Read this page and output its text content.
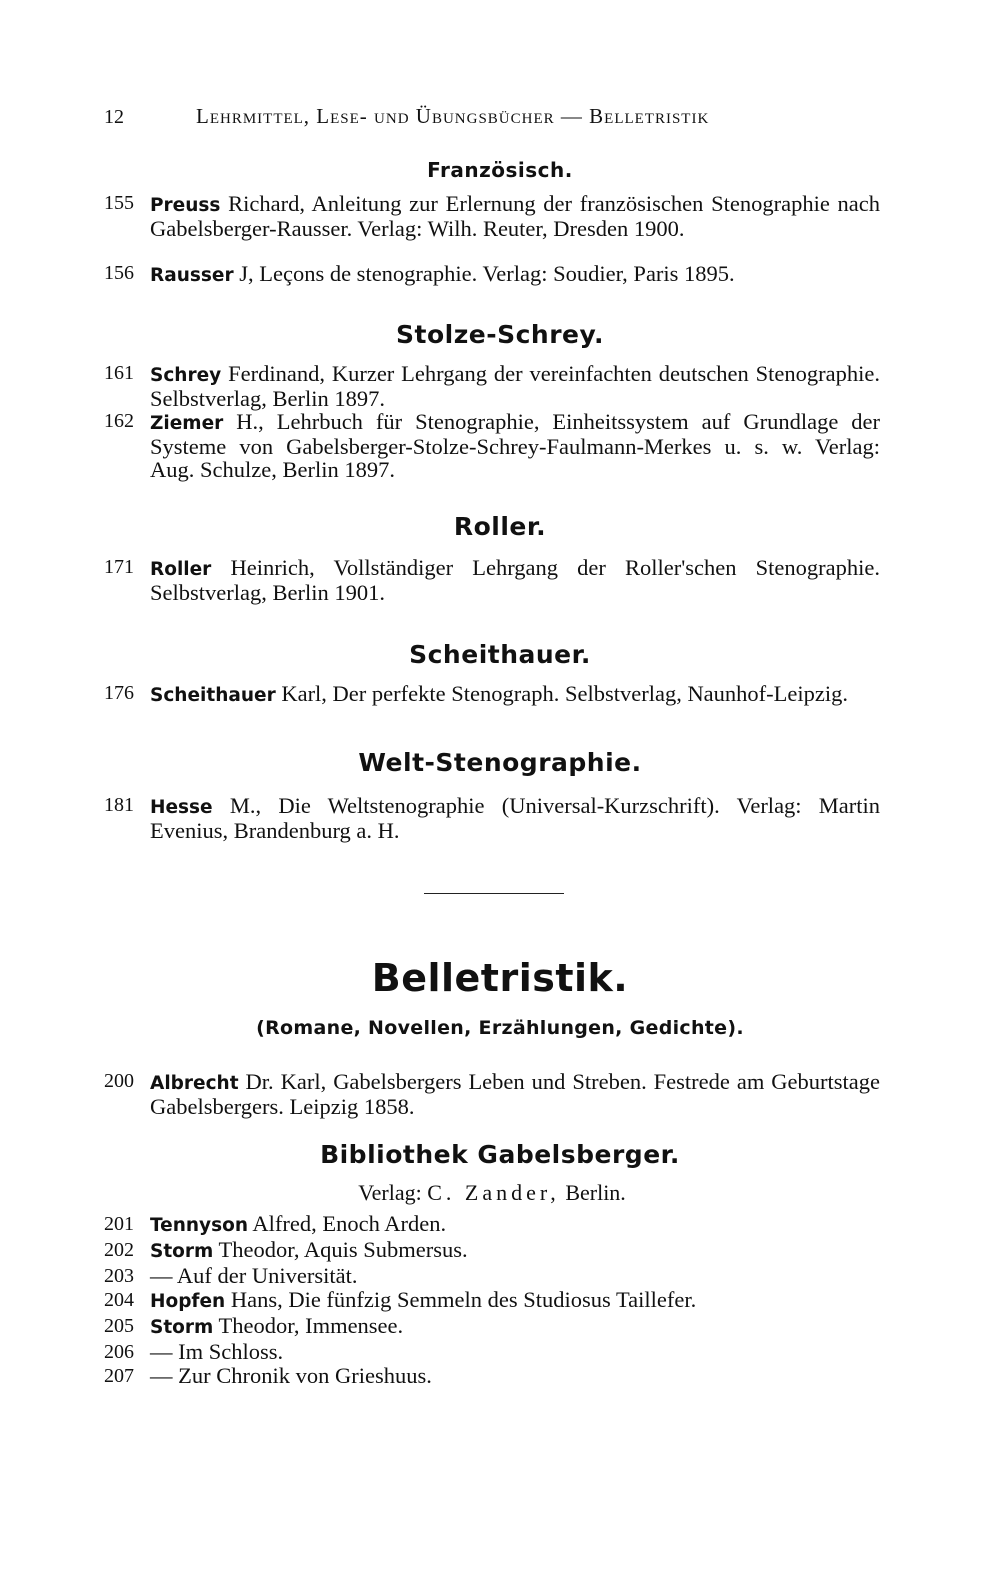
12	Lehrmittel, Lese- und Übungsbücher — Belletristik
Französisch.
155 Preuss Richard, Anleitung zur Erlernung der französischen Stenographie nach Gabelsberger-Rausser. Verlag: Wilh. Reuter, Dresden 1900.
156 Rausser J, Leçons de stenographie. Verlag: Soudier, Paris 1895.
Stolze-Schrey.
161 Schrey Ferdinand, Kurzer Lehrgang der vereinfachten deutschen Stenographie. Selbstverlag, Berlin 1897.
162 Ziemer H., Lehrbuch für Stenographie, Einheitssystem auf Grundlage der Systeme von Gabelsberger-Stolze-Schrey-Faulmann-Merkes u. s. w. Verlag: Aug. Schulze, Berlin 1897.
Roller.
171 Roller Heinrich, Vollständiger Lehrgang der Roller'schen Stenographie. Selbstverlag, Berlin 1901.
Scheithauer.
176 Scheithauer Karl, Der perfekte Stenograph. Selbstverlag, Naunhof-Leipzig.
Welt-Stenographie.
181 Hesse M., Die Weltstenographie (Universal-Kurzschrift). Verlag: Martin Evenius, Brandenburg a. H.
Belletristik.
(Romane, Novellen, Erzählungen, Gedichte).
200 Albrecht Dr. Karl, Gabelsbergers Leben und Streben. Festrede am Geburtstage Gabelsbergers. Leipzig 1858.
Bibliothek Gabelsberger.
Verlag: C. Zander, Berlin.
201 Tennyson Alfred, Enoch Arden.
202 Storm Theodor, Aquis Submersus.
203 — Auf der Universität.
204 Hopfen Hans, Die fünfzig Semmeln des Studiosus Taillefer.
205 Storm Theodor, Immensee.
206 — Im Schloss.
207 — Zur Chronik von Grieshuus.
